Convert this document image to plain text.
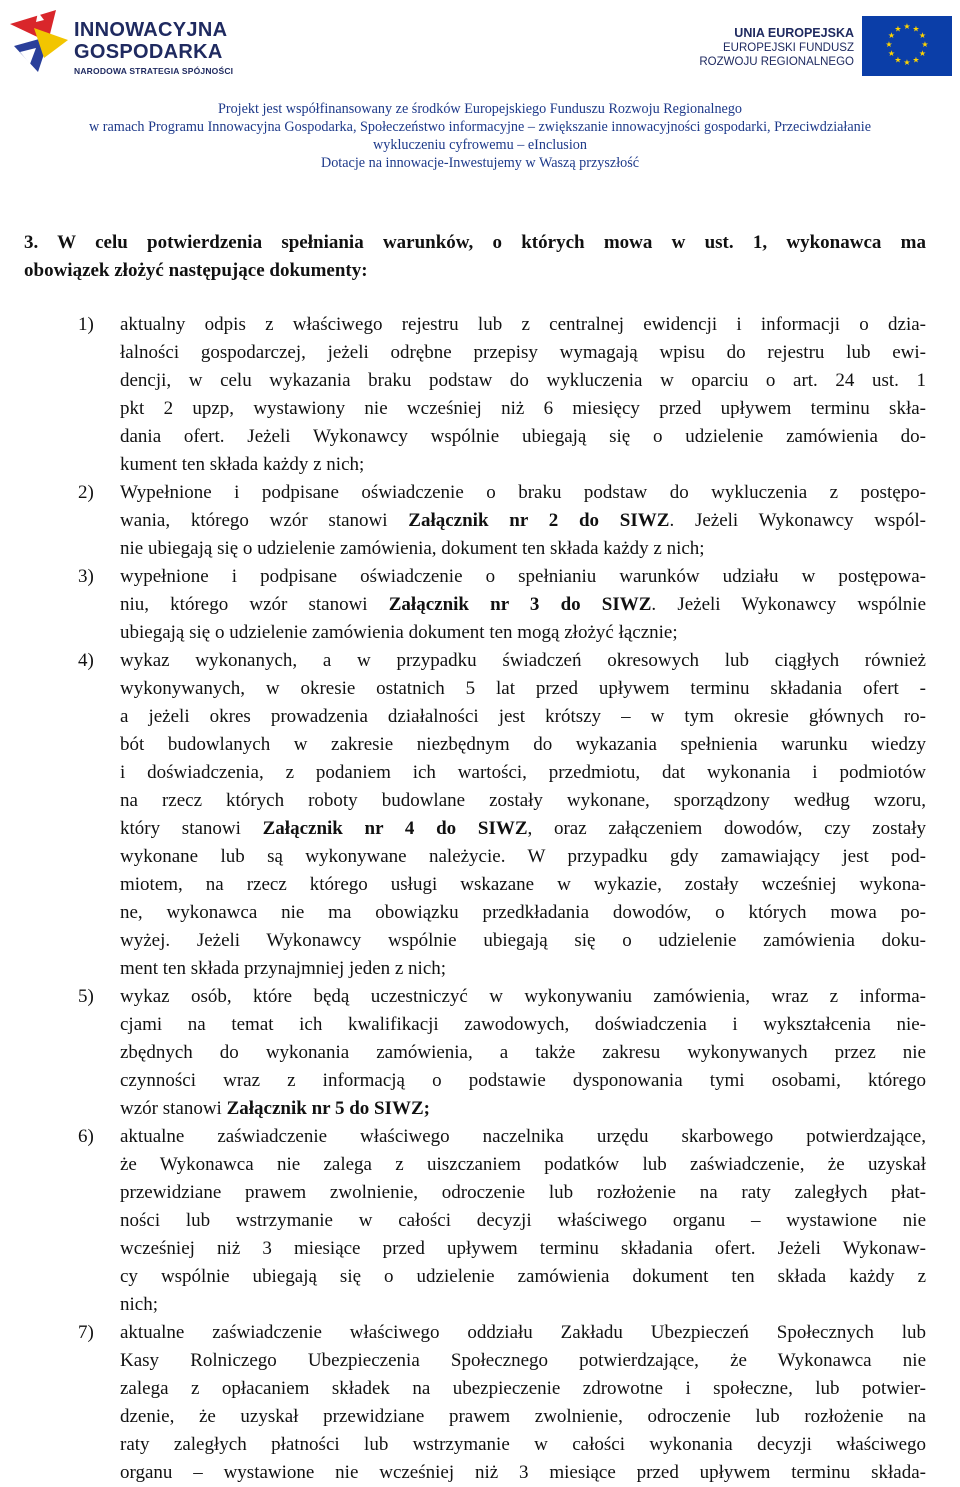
INNOWACYJNA
GOSPODARKA
NARODOWA STRATEGIA SPÓJNOŚCI
UNIA EUROPEJSKA
EUROPEJSKI FUNDUSZ
ROZWOJU REGIONALNEGO
★ ★
★
★
★
★
★
★
★
★
★
★
Projekt jest współfinansowany ze środków Europejskiego Funduszu Rozwoju Regionalnego
w ramach Programu Innowacyjna Gospodarka, Społeczeństwo informacyjne – zwiększanie innowacyjności gospodarki, Przeciwdziałanie
wykluczeniu cyfrowemu – eInclusion
Dotacje na innowacje-Inwestujemy w Waszą przyszłość

3. W celu potwierdzenia spełniania warunków, o których mowa w ust. 1, wykonawca ma
obowiązek złożyć następujące dokumenty:

1) aktualny odpis z właściwego rejestru lub z centralnej ewidencji i informacji o dzia-
łalności gospodarczej, jeżeli odrębne przepisy wymagają wpisu do rejestru lub ewi-
dencji, w celu wykazania braku podstaw do wykluczenia w oparciu o art. 24 ust. 1
pkt 2 upzp, wystawiony nie wcześniej niż 6 miesięcy przed upływem terminu skła-
dania ofert. Jeżeli Wykonawcy wspólnie ubiegają się o udzielenie zamówienia do-
kument ten składa każdy z nich;
2) Wypełnione i podpisane oświadczenie o braku podstaw do wykluczenia z postępo-
wania, którego wzór stanowi Załącznik nr 2 do SIWZ. Jeżeli Wykonawcy wspól-
nie ubiegają się o udzielenie zamówienia, dokument ten składa każdy z nich;
3) wypełnione i podpisane oświadczenie o spełnianiu warunków udziału w postępowa-
niu, którego wzór stanowi Załącznik nr 3 do SIWZ. Jeżeli Wykonawcy wspólnie
ubiegają się o udzielenie zamówienia dokument ten mogą złożyć łącznie;
4) wykaz wykonanych, a w przypadku świadczeń okresowych lub ciągłych również
wykonywanych, w okresie ostatnich 5 lat przed upływem terminu składania ofert -
a jeżeli okres prowadzenia działalności jest krótszy – w tym okresie głównych ro-
bót budowlanych w zakresie niezbędnym do wykazania spełnienia warunku wiedzy
i doświadczenia, z podaniem ich wartości, przedmiotu, dat wykonania i podmiotów
na rzecz których roboty budowlane zostały wykonane, sporządzony według wzoru,
który stanowi Załącznik nr 4 do SIWZ, oraz załączeniem dowodów, czy zostały
wykonane lub są wykonywane należycie. W przypadku gdy zamawiający jest pod-
miotem, na rzecz którego usługi wskazane w wykazie, zostały wcześniej wykona-
ne, wykonawca nie ma obowiązku przedkładania dowodów, o których mowa po-
wyżej. Jeżeli Wykonawcy wspólnie ubiegają się o udzielenie zamówienia doku-
ment ten składa przynajmniej jeden z nich;
5) wykaz osób, które będą uczestniczyć w wykonywaniu zamówienia, wraz z informa-
cjami na temat ich kwalifikacji zawodowych, doświadczenia i wykształcenia nie-
zbędnych do wykonania zamówienia, a także zakresu wykonywanych przez nie
czynności wraz z informacją o podstawie dysponowania tymi osobami, którego
wzór stanowi Załącznik nr 5 do SIWZ;
6) aktualne zaświadczenie właściwego naczelnika urzędu skarbowego potwierdzające,
że Wykonawca nie zalega z uiszczaniem podatków lub zaświadczenie, że uzyskał
przewidziane prawem zwolnienie, odroczenie lub rozłożenie na raty zaległych płat-
ności lub wstrzymanie w całości decyzji właściwego organu – wystawione nie
wcześniej niż 3 miesiące przed upływem terminu składania ofert. Jeżeli Wykonaw-
cy wspólnie ubiegają się o udzielenie zamówienia dokument ten składa każdy z
nich;
7) aktualne zaświadczenie właściwego oddziału Zakładu Ubezpieczeń Społecznych lub
Kasy Rolniczego Ubezpieczenia Społecznego potwierdzające, że Wykonawca nie
zalega z opłacaniem składek na ubezpieczenie zdrowotne i społeczne, lub potwier-
dzenie, że uzyskał przewidziane prawem zwolnienie, odroczenie lub rozłożenie na
raty zaległych płatności lub wstrzymanie w całości wykonania decyzji właściwego
organu – wystawione nie wcześniej niż 3 miesiące przed upływem terminu składa-
